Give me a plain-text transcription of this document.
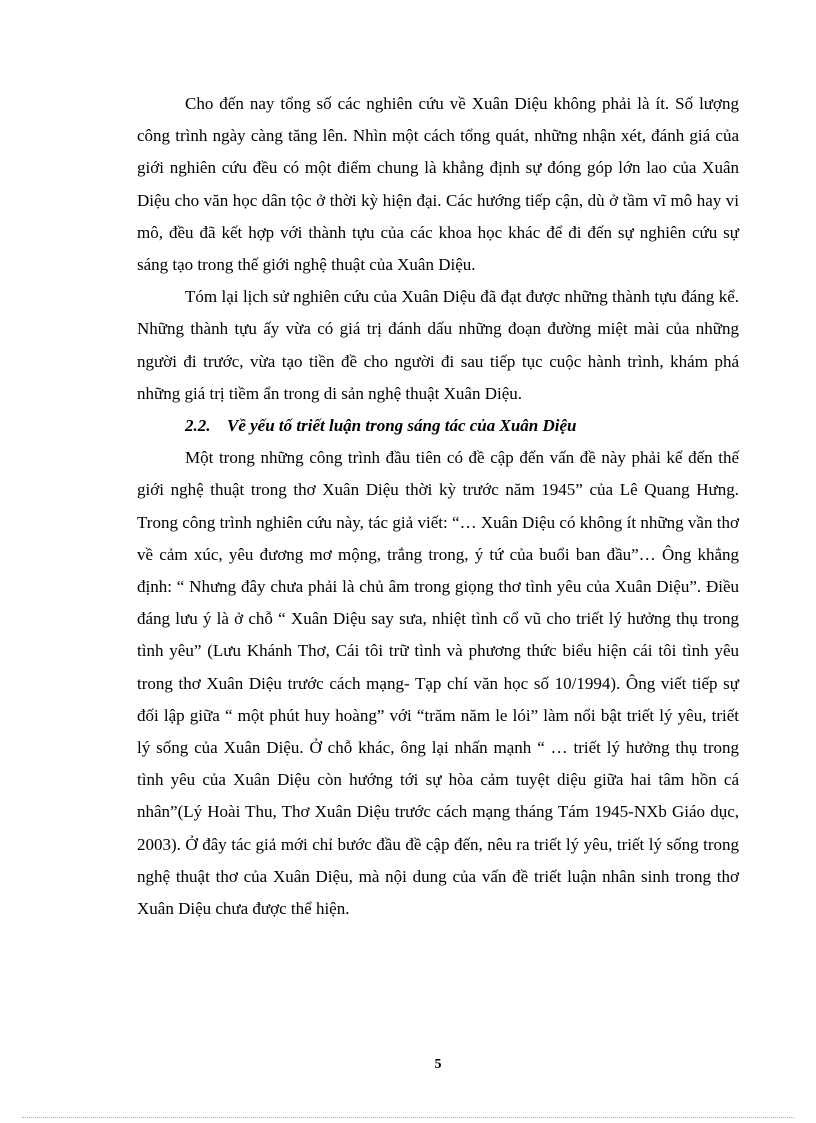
Cho đến nay tổng số các nghiên cứu về Xuân Diệu không phải là ít. Số lượng công trình ngày càng tăng lên. Nhìn một cách tổng quát, những nhận xét, đánh giá của giới nghiên cứu đều có một điểm chung là khẳng định sự đóng góp lớn lao của Xuân Diệu cho văn học dân tộc ở thời kỳ hiện đại. Các hướng tiếp cận, dù ở tầm vĩ mô hay vi mô, đều đã kết hợp với thành tựu của các khoa học khác để đi đến sự nghiên cứu sự sáng tạo trong thế giới nghệ thuật của Xuân Diệu.

Tóm lại lịch sử nghiên cứu của Xuân Diệu đã đạt được những thành tựu đáng kể. Những thành tựu ấy vừa có giá trị đánh dấu những đoạn đường miệt mài của những người đi trước, vừa tạo tiền đề cho người đi sau tiếp tục cuộc hành trình, khám phá những giá trị tiềm ẩn trong di sản nghệ thuật Xuân Diệu.

2.2. Về yếu tố triết luận trong sáng tác của Xuân Diệu

Một trong những công trình đầu tiên có đề cập đến vấn đề này phải kể đến thế giới nghệ thuật trong thơ Xuân Diệu thời kỳ trước năm 1945” của Lê Quang Hưng. Trong công trình nghiên cứu này, tác giả viết: “… Xuân Diệu có không ít những vần thơ về cảm xúc, yêu đương mơ mộng, trắng trong, ý tứ của buổi ban đầu”… Ông khẳng định: “ Nhưng đây chưa phải là chủ âm trong giọng thơ tình yêu của Xuân Diệu”. Điều đáng lưu ý là ở chỗ “ Xuân Diệu say sưa, nhiệt tình cổ vũ cho triết lý hưởng thụ trong tình yêu” (Lưu Khánh Thơ, Cái tôi trữ tình và phương thức biểu hiện cái tôi tình yêu trong thơ Xuân Diệu trước cách mạng- Tạp chí văn học số 10/1994). Ông viết tiếp sự đối lập giữa “ một phút huy hoàng” với “trăm năm le lói” làm nổi bật triết lý yêu, triết lý sống của Xuân Diệu. Ở chỗ khác, ông lại nhấn mạnh “ … triết lý hưởng thụ trong tình yêu của Xuân Diệu còn hướng tới sự hòa cảm tuyệt diệu giữa hai tâm hồn cá nhân”(Lý Hoài Thu, Thơ Xuân Diệu trước cách mạng tháng Tám 1945-NXb Giáo dục, 2003). Ở đây tác giả mới chỉ bước đầu đề cập đến, nêu ra triết lý yêu, triết lý sống trong nghệ thuật thơ của Xuân Diệu, mà nội dung của vấn đề triết luận nhân sinh trong thơ Xuân Diệu chưa được thể hiện.

5
